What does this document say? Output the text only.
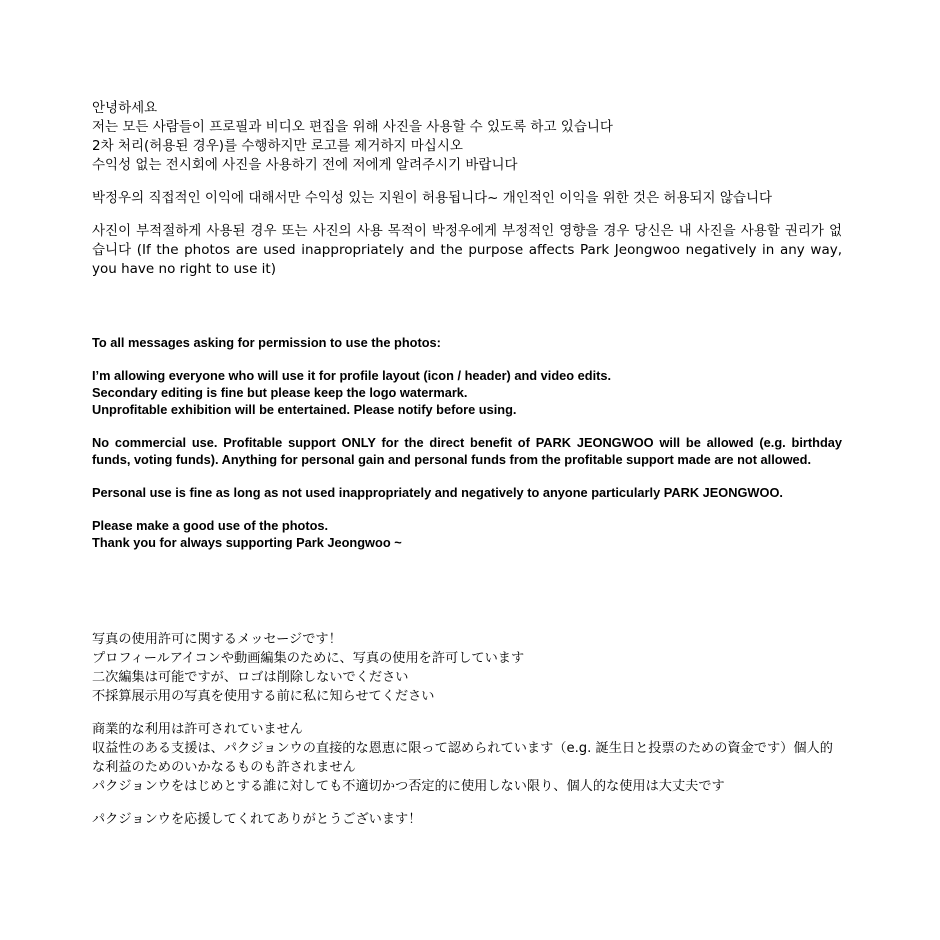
안녕하세요
저는 모든 사람들이 프로필과 비디오 편집을 위해 사진을 사용할 수 있도록 하고 있습니다
2차 처리(허용된 경우)를 수행하지만 로고를 제거하지 마십시오
수익성 없는 전시회에 사진을 사용하기 전에 저에게 알려주시기 바랍니다
박정우의 직접적인 이익에 대해서만 수익성 있는 지원이 허용됩니다~ 개인적인 이익을 위한 것은 허용되지 않습니다
사진이 부적절하게 사용된 경우 또는 사진의 사용 목적이 박정우에게 부정적인 영향을 경우 당신은 내 사진을 사용할 권리가 없습니다 (If the photos are used inappropriately and the purpose affects Park Jeongwoo negatively in any way, you have no right to use it)
To all messages asking for permission to use the photos:
I’m allowing everyone who will use it for profile layout (icon / header) and video edits.
Secondary editing is fine but please keep the logo watermark.
Unprofitable exhibition will be entertained. Please notify before using.
No commercial use. Profitable support ONLY for the direct benefit of PARK JEONGWOO will be allowed (e.g. birthday funds, voting funds). Anything for personal gain and personal funds from the profitable support made are not allowed.
Personal use is fine as long as not used inappropriately and negatively to anyone particularly PARK JEONGWOO.
Please make a good use of the photos.
Thank you for always supporting Park Jeongwoo ~
写真の使用許可に関するメッセージです！
プロフィールアイコンや動画編集のために、写真の使用を許可しています
二次編集は可能ですが、ロゴは削除しないでください
不採算展示用の写真を使用する前に私に知らせてください
商業的な利用は許可されていません
収益性のある支援は、パクジョンウの直接的な恩恵に限って認められています（e.g. 誕生日と投票のための資金です）個人的な利益のためのいかなるものも許されません
パクジョンウをはじめとする誰に対しても不適切かつ否定的に使用しない限り、個人的な使用は大丈夫です
パクジョンウを応援してくれてありがとうございます！
